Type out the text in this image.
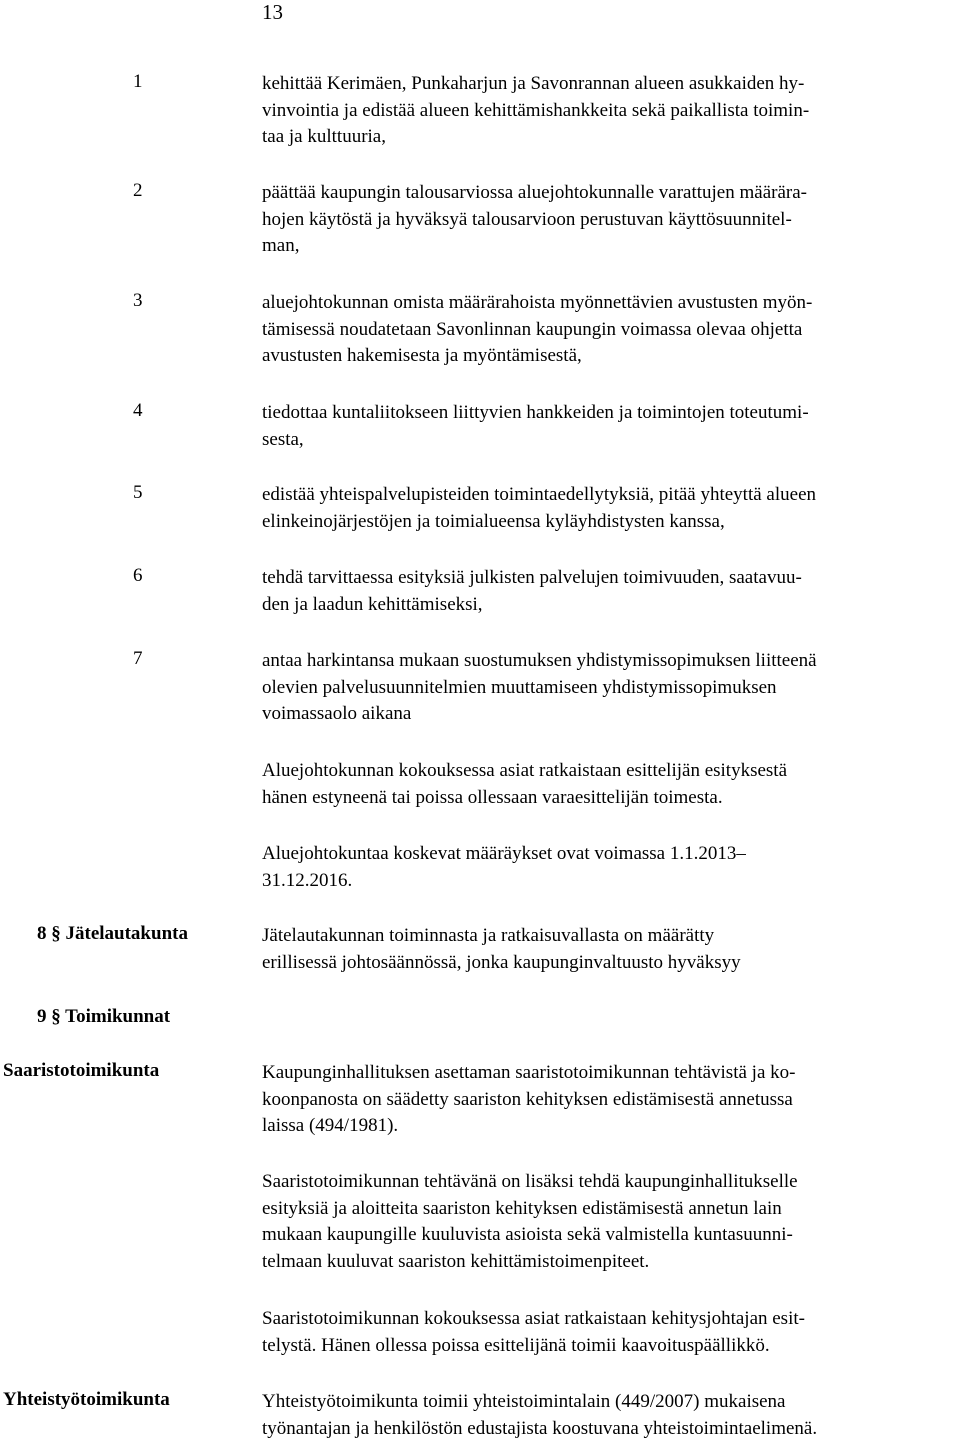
13
1	kehittää Kerimäen, Punkaharjun ja Savonrannan alueen asukkaiden hy-
vinvointia ja edistää alueen kehittämishankkeita sekä paikallista toimin-
taa ja kulttuuria,
2	päättää kaupungin talousarviossa aluejohtokunnalle varattujen määrära-
hojen käytöstä ja hyväksyä talousarvioon perustuvan käyttösuunnitel-
man,
3	aluejohtokunnan omista määrärahoista myönnettävien avustusten myön-
tämisessä noudatetaan Savonlinnan kaupungin voimassa olevaa ohjetta
avustusten hakemisesta ja myöntämisestä,
4	tiedottaa kuntaliitokseen liittyvien hankkeiden ja toimintojen toteutumi-
sesta,
5	edistää yhteispalvelupisteiden toimintaedellytyksiä, pitää yhteyttä alueen
elinkeinojärjestöjen ja toimialueensa kyläyhdistysten kanssa,
6	tehdä tarvittaessa esityksiä julkisten palvelujen toimivuuden, saatavuu-
den ja laadun kehittämiseksi,
7	antaa harkintansa mukaan suostumuksen yhdistymissopimuksen liitteenä
olevien palvelusuunnitelmien muuttamiseen yhdistymissopimuksen
voimassaolo aikana
Aluejohtokunnan kokouksessa asiat ratkaistaan esittelijän esityksestä
hänen estyneenä tai poissa ollessaan varaesittelijän toimesta.
Aluejohtokuntaa koskevat määräykset ovat voimassa 1.1.2013–
31.12.2016.
8 § Jätelautakunta	Jätelautakunnan toiminnasta ja ratkaisuvallasta on määrätty
erillisessä johtosäännössä, jonka kaupunginvaltuusto hyväksyy
9 § Toimikunnat
Saaristotoimikunta	Kaupunginhallituksen asettaman saaristotoimikunnan tehtävistä ja ko-
koonpanosta on säädetty saariston kehityksen edistämisestä annetussa
laissa (494/1981).
Saaristotoimikunnan tehtävänä on lisäksi tehdä kaupunginhallitukselle
esityksiä ja aloitteita saariston kehityksen edistämisestä annetun lain
mukaan kaupungille kuuluvista asioista sekä valmistella kuntasuunni-
telmaan kuuluvat saariston kehittämistoimenpiteet.
Saaristotoimikunnan kokouksessa asiat ratkaistaan kehitysjohtajan esit-
telystä. Hänen ollessa poissa esittelijänä toimii kaavoituspäällikkö.
Yhteistyötoimikunta	Yhteistyötoimikunta toimii yhteistoimintalain (449/2007) mukaisena
työnantajan ja henkilöstön edustajista koostuvana yhteistoimintaelimenä.
